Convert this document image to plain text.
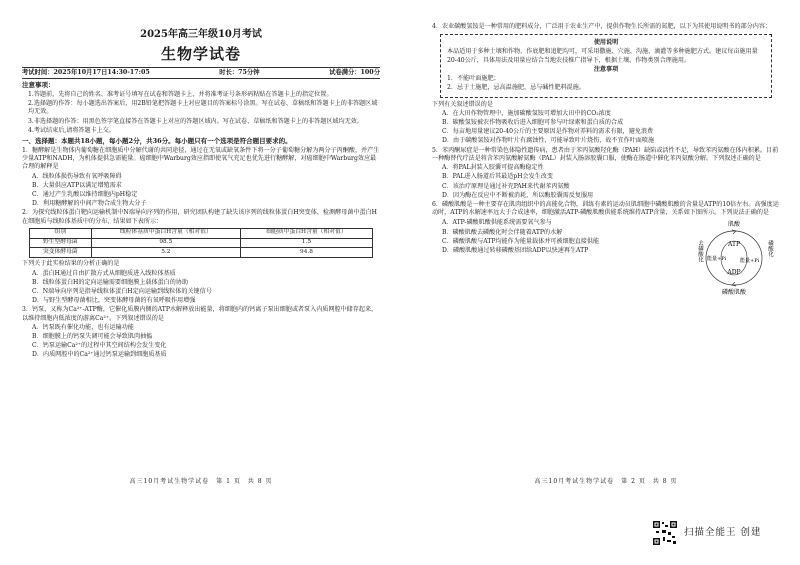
2025年高三年级10月考试
生物学试卷
考试时间：2025年10月17日14:30-17:05	时长：75分钟	试卷满分：100分
注意事项：

1.答题前，先将自己的姓名、准考证号填写在试卷和答题卡上，并将准考证号条形码粘贴在答题卡上的指定位置。

2.选择题的作答：每小题选出答案后，用2B铅笔把答题卡上对应题目的答案标号涂黑。写在试卷、草稿纸和答题卡上的非答题区域均无效。

3.非选择题的作答：用黑色签字笔直接答在答题卡上对应的答题区域内。写在试卷、草稿纸和答题卡上的非答题区域均无效。

4.考试结束后,请将答题卡上交。

一、选择题：本题共18小题，每小题2分，共36分。每小题只有一个选项是符合题目要求的。

1．糖酵解是生物体内葡萄糖在细胞质中分解代谢的共同途径，通过在无氧或缺氧条件下将一分子葡萄糖分解为两分子丙酮酸，并产生少量ATP和NADH，为机体提供急需能量。癌细胞中Warburg效应指即使氧气充足也优先进行糖酵解，对癌细胞中Warburg效应最合理的解释是

A．线粒体损伤导致有氧呼吸障碍

B．大量供应ATP以满足增殖需求

C．通过产生乳酸以维持细胞内pH稳定

D．利用糖酵解的中间产物合成生物大分子

2．为探究线粒体蛋白靶向运输机制中N端导向序列的作用，研究团队构建了缺失该序列的线粒体蛋白H突变体，检测酵母菌中蛋白H在细胞质与线粒体基质中的分布，结果如下表所示：

组别	线粒体基质中蛋白H含量（相对值）	细胞质中蛋白H含量（相对值）
野生型酵母菌	98.5	1.5
突变体酵母菌	5.2	94.8

下列关于此实验结果的分析正确的是

A．蛋白H通过自由扩散方式从细胞质进入线粒体基质

B．线粒体蛋白H的定向运输需要细胞膜上载体蛋白的协助

C．N端导向序列是指导线粒体蛋白H定向运输到线粒体的关键信号

D．与野生型酵母菌相比，突变体酵母菌的有氧呼吸作用增强

3．钙泵，又称为Ca²⁺-ATP酶，它催化质膜内侧的ATP水解释放出能量，将细胞内的钙离子泵出细胞或者泵入内质网腔中储存起来，以维持细胞内低浓度的游离Ca²⁺。下列叙述错误的是

A．钙泵既有催化功能，也有运输功能

B．细胞膜上的钙泵失调可能会导致肌肉抽搐

C．钙泵运输Ca²⁺的过程中其空间结构会发生变化

D．内质网腔中的Ca²⁺通过钙泵运输到细胞质基质

高三10月考试生物学试卷　第 1 页　共 8 页

4．农业碳酸氢铵是一种常用的肥料成分，广泛用于农业生产中，提供作物生长所需的氮肥，以下为其使用说明书的部分内容：

使用说明

本品适用于多种土壤和作物，作底肥和追肥均可，可采用撒施、穴施、沟施、滴灌等多种施肥方式。建议每亩施用量20-40公斤，具体用法及用量应结合当地农技推广指导下，根据土壤、作物类别合理施用。

注意事项

1．不能叶面施肥；

2．忌于土施肥，忌高温施肥，忌与碱性肥料混施。

下列有关叙述错误的是

A．在大田作物管理中，施加碳酸氢铵可增加大田中的CO₂浓度

B．碳酸氢铵被农作物吸收后进入细胞可参与叶绿素和蛋白质的合成

C．每亩地用量建议20-40公斤的主要原因是作物对养料的需求有限，避免浪费

D．由于碳酸氢铵对作物叶片有腐蚀性，可能导致叶片烧伤，故不宜作叶面喷施

5．苯丙酮尿症是一种常染色体隐性遗传病，患者由于苯丙氨酸羟化酶（PAH）缺陷或活性不足，导致苯丙氨酸在体内积累。目前一种酶替代疗法是将含苯丙氨酸解氨酶（PAL）封装入肠溶胶囊口服，使酶在肠道中催化苯丙氨酸分解。下列叙述正确的是

A．将PAL封装入胶囊可提高酶稳定性

B．PAL进入肠道后其最适pH会发生改变

C．该治疗原理是通过补充PAH来代谢苯丙氨酸

D．因为酶在反应中不断被消耗，所以酶胶囊需反复服用

6．磷酸肌酸是一种主要存在肌肉组织中的高能化合物，训练有素的运动员肌细胞中磷酸肌酸的含量是ATP的10倍左右。高强度运动时，ATP的水解速率远大于合成速率，细胞激活ATP-磷酸肌酸供能系统维持ATP含量，关系如下图所示。下列说法正确的是

A．ATP-磷酸肌酸供能系统需要氧气参与

B．磷酸肌酸去磷酸化时会伴随着ATP的水解

C．磷酸肌酸与ATP均能作为能量载体并可被细胞直接供能

D．磷酸肌酸通过转移磷酸基团给ADP以快速再生ATP

肌酸
ATP
ADP
磷酸肌酸
去磷酸化	磷酸化
能量+Pi	能量+Pi
高三10月考试生物学试卷　第 2 页　共 8 页
扫描全能王 创建
